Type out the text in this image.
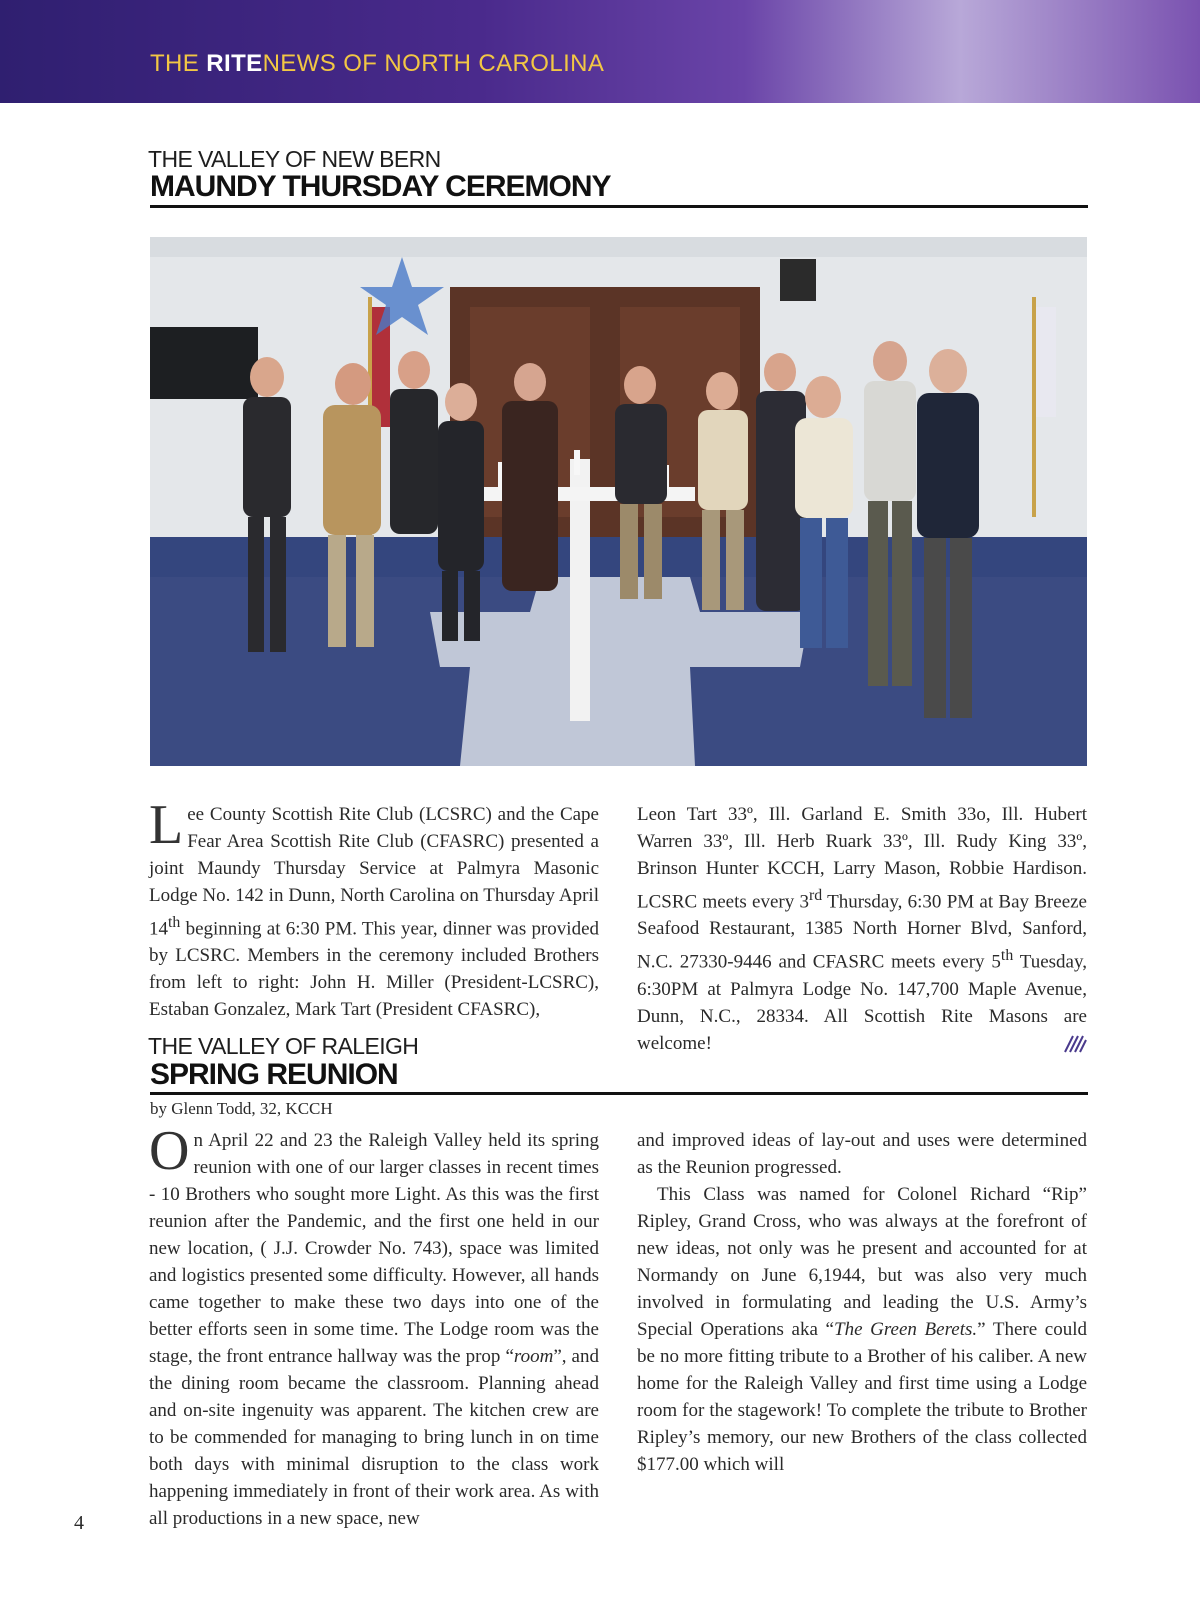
THE RITENEWS OF NORTH CAROLINA
THE VALLEY OF NEW BERN
MAUNDY THURSDAY CEREMONY

Lee County Scottish Rite Club (LCSRC) and the Cape Fear Area Scottish Rite Club (CFASRC) presented a joint Maundy Thursday Service at Palmyra Masonic Lodge No. 142 in Dunn, North Carolina on Thursday April 14th beginning at 6:30 PM. This year, dinner was provided by LCSRC. Members in the ceremony included Brothers from left to right: John H. Miller (President-LCSRC), Estaban Gonzalez, Mark Tart (President CFASRC),

Leon Tart 33º, Ill. Garland E. Smith 33o, Ill. Hubert Warren 33º, Ill. Herb Ruark 33º, Ill. Rudy King 33º, Brinson Hunter KCCH, Larry Mason, Robbie Hardison. LCSRC meets every 3rd Thursday, 6:30 PM at Bay Breeze Seafood Restaurant, 1385 North Horner Blvd, Sanford, N.C. 27330-9446 and CFASRC meets every 5th Tuesday, 6:30PM at Palmyra Lodge No. 147,700 Maple Avenue, Dunn, N.C., 28334. All Scottish Rite Masons are welcome!

THE VALLEY OF RALEIGH
SPRING REUNION
by Glenn Todd, 32, KCCH

On April 22 and 23 the Raleigh Valley held its spring reunion with one of our larger classes in recent times - 10 Brothers who sought more Light. As this was the first reunion after the Pandemic, and the first one held in our new location, ( J.J. Crowder No. 743), space was limited and logistics presented some difficulty. However, all hands came together to make these two days into one of the better efforts seen in some time. The Lodge room was the stage, the front entrance hallway was the prop “room”, and the dining room became the classroom. Planning ahead and on-site ingenuity was apparent. The kitchen crew are to be commended for managing to bring lunch in on time both days with minimal disruption to the class work happening immediately in front of their work area. As with all productions in a new space, new

and improved ideas of lay-out and uses were determined as the Reunion progressed.

This Class was named for Colonel Richard “Rip” Ripley, Grand Cross, who was always at the forefront of new ideas, not only was he present and accounted for at Normandy on June 6,1944, but was also very much involved in formulating and leading the U.S. Army’s Special Operations aka “The Green Berets.” There could be no more fitting tribute to a Brother of his caliber. A new home for the Raleigh Valley and first time using a Lodge room for the stagework! To complete the tribute to Brother Ripley’s memory, our new Brothers of the class collected $177.00 which will

4
